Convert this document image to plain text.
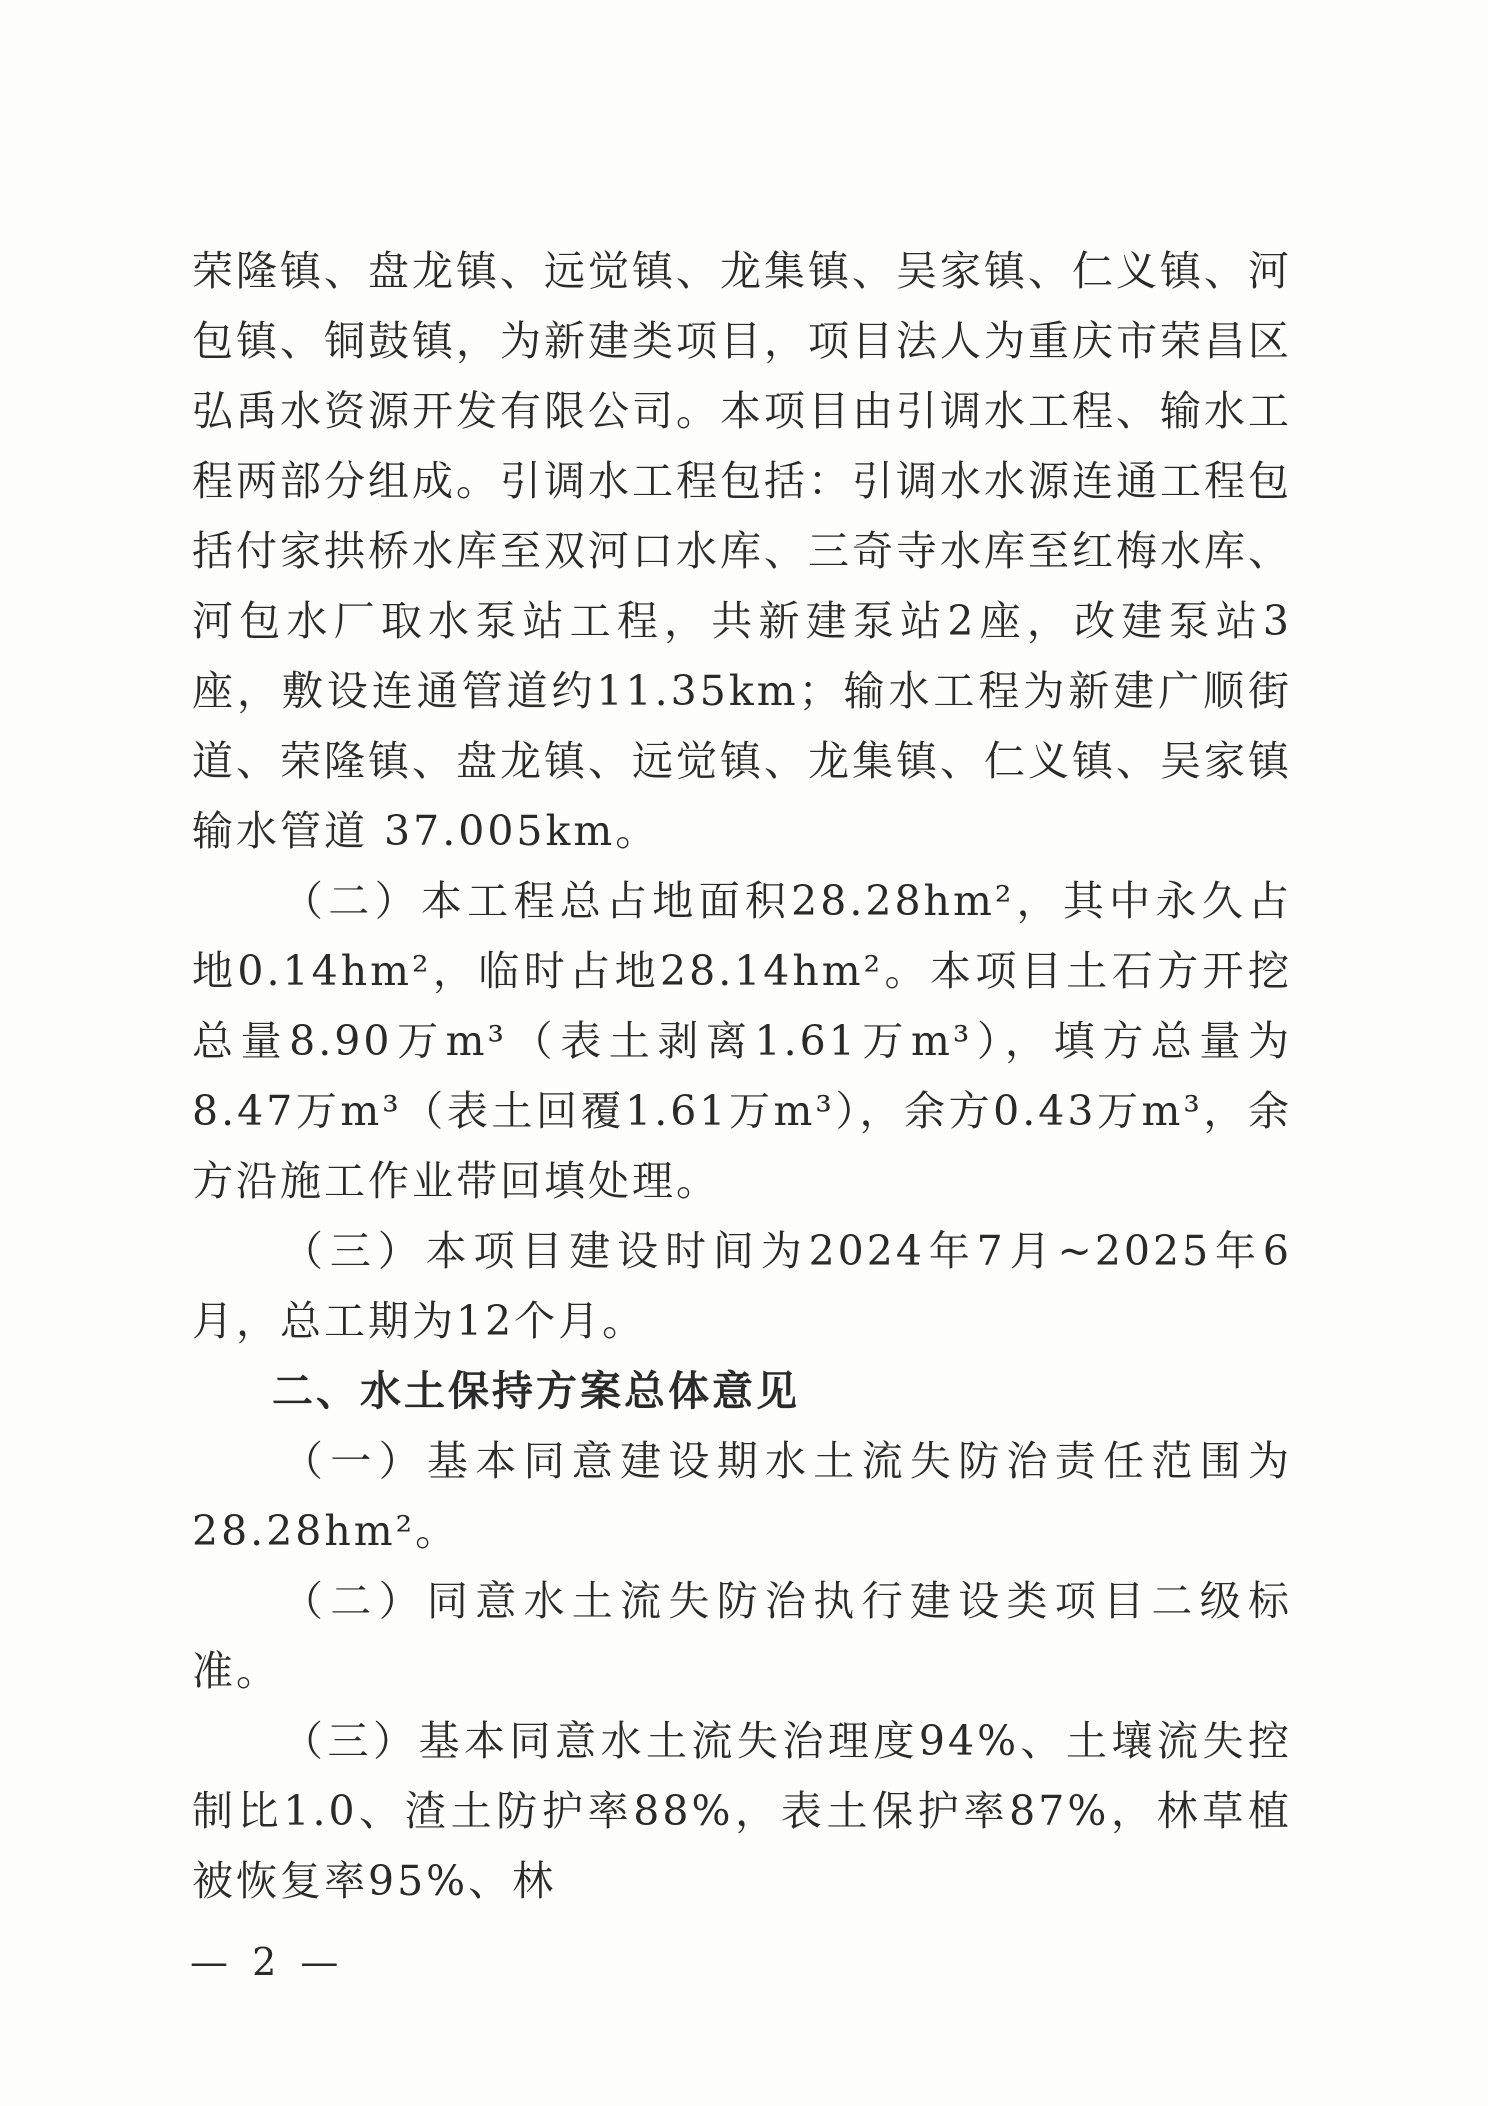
荣隆镇、盘龙镇、远觉镇、龙集镇、吴家镇、仁义镇、河包镇、铜鼓镇，为新建类项目，项目法人为重庆市荣昌区弘禹水资源开发有限公司。本项目由引调水工程、输水工程两部分组成。引调水工程包括：引调水水源连通工程包括付家拱桥水库至双河口水库、三奇寺水库至红梅水库、河包水厂取水泵站工程，共新建泵站2座，改建泵站3座，敷设连通管道约11.35km；输水工程为新建广顺街道、荣隆镇、盘龙镇、远觉镇、龙集镇、仁义镇、吴家镇输水管道 37.005km。

（二）本工程总占地面积28.28hm²，其中永久占地0.14hm²，临时占地28.14hm²。本项目土石方开挖总量8.90万m³（表土剥离1.61万m³），填方总量为8.47万m³（表土回覆1.61万m³），余方0.43万m³，余方沿施工作业带回填处理。

（三）本项目建设时间为2024年7月~2025年6月，总工期为12个月。

二、水土保持方案总体意见

（一）基本同意建设期水土流失防治责任范围为28.28hm²。

（二）同意水土流失防治执行建设类项目二级标准。

（三）基本同意水土流失治理度94%、土壤流失控制比1.0、渣土防护率88%，表土保护率87%，林草植被恢复率95%、林

— 2 —
